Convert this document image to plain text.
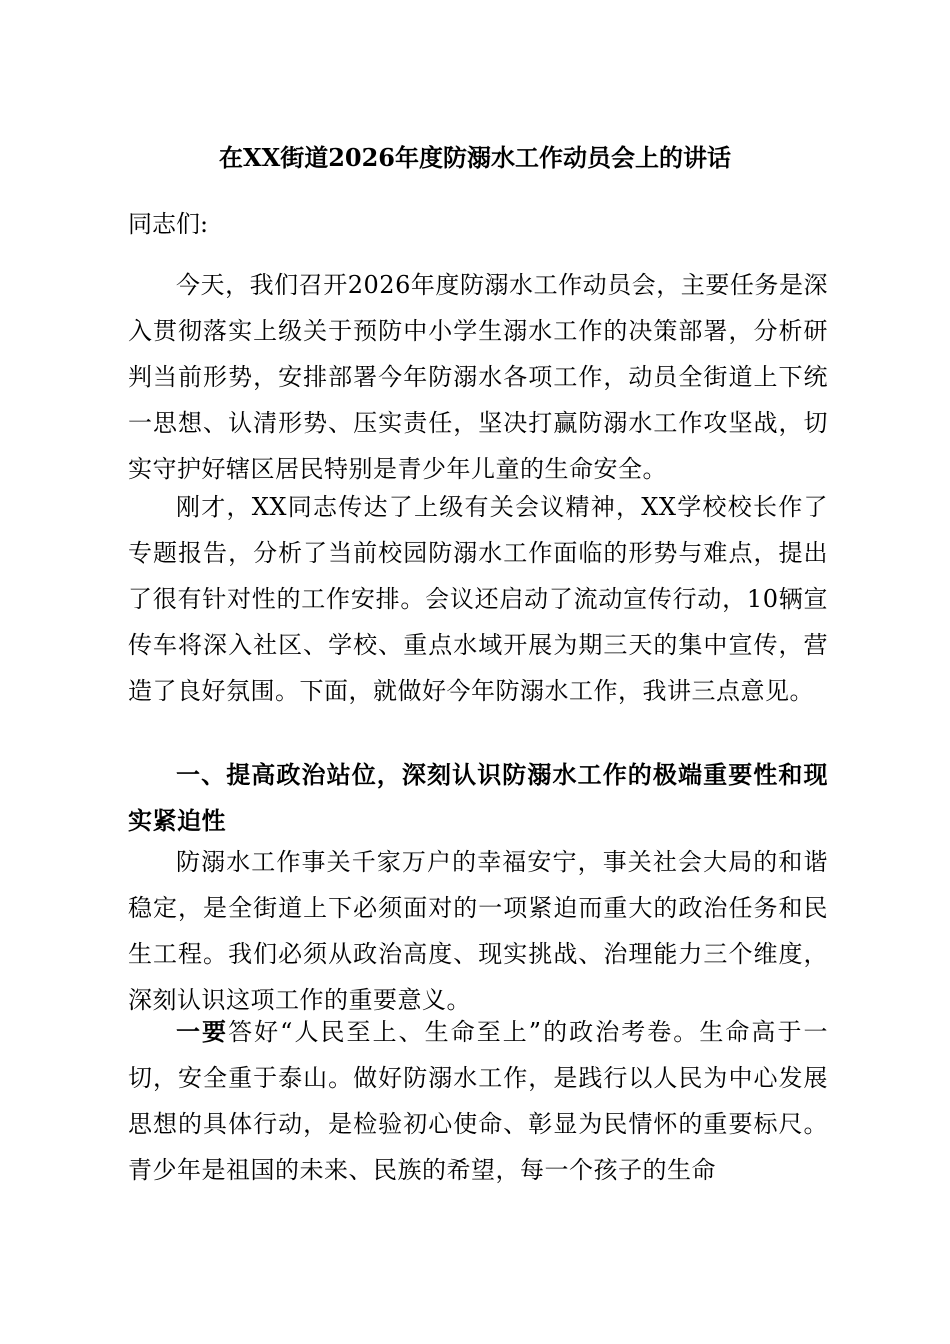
在XX街道2026年度防溺水工作动员会上的讲话
同志们:

今天，我们召开2026年度防溺水工作动员会，主要任务是深入贯彻落实上级关于预防中小学生溺水工作的决策部署，分析研判当前形势，安排部署今年防溺水各项工作，动员全街道上下统一思想、认清形势、压实责任，坚决打赢防溺水工作攻坚战，切实守护好辖区居民特别是青少年儿童的生命安全。

刚才，XX同志传达了上级有关会议精神，XX学校校长作了专题报告，分析了当前校园防溺水工作面临的形势与难点，提出了很有针对性的工作安排。会议还启动了流动宣传行动，10辆宣传车将深入社区、学校、重点水域开展为期三天的集中宣传，营造了良好氛围。下面，就做好今年防溺水工作，我讲三点意见。

一、提高政治站位，深刻认识防溺水工作的极端重要性和现实紧迫性

防溺水工作事关千家万户的幸福安宁，事关社会大局的和谐稳定，是全街道上下必须面对的一项紧迫而重大的政治任务和民生工程。我们必须从政治高度、现实挑战、治理能力三个维度，深刻认识这项工作的重要意义。

一要答好“人民至上、生命至上”的政治考卷。生命高于一切，安全重于泰山。做好防溺水工作，是践行以人民为中心发展思想的具体行动，是检验初心使命、彰显为民情怀的重要标尺。青少年是祖国的未来、民族的希望，每一个孩子的生命
